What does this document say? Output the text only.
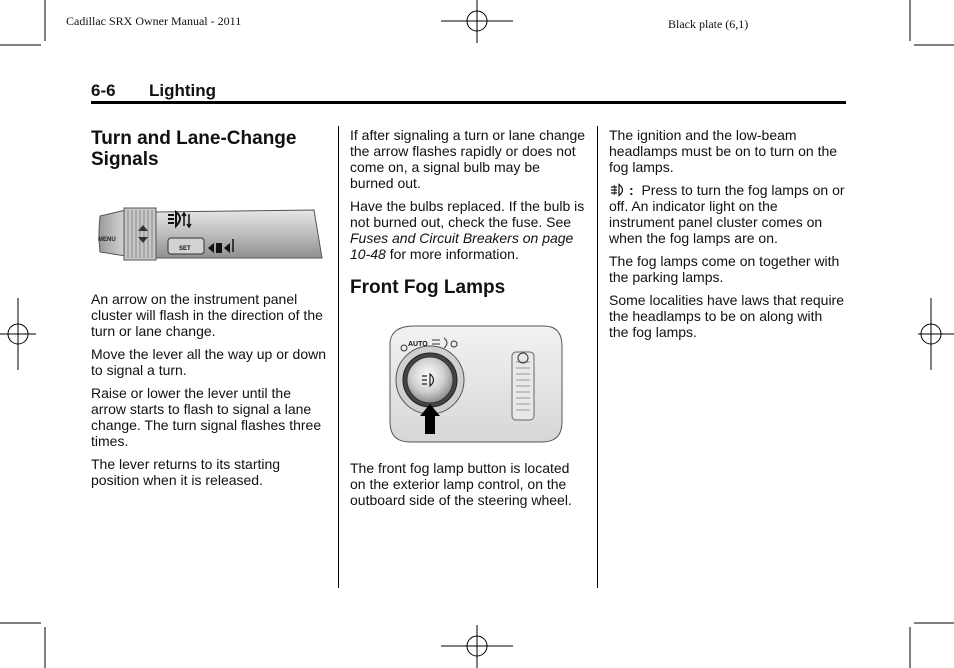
Cadillac SRX Owner Manual - 2011	Black plate (6,1)
6-6 Lighting
Turn and Lane-Change Signals
MENU
SET

An arrow on the instrument panel cluster will flash in the direction of the turn or lane change.

Move the lever all the way up or down to signal a turn.

Raise or lower the lever until the arrow starts to flash to signal a lane change. The turn signal flashes three times.

The lever returns to its starting position when it is released.

If after signaling a turn or lane change the arrow flashes rapidly or does not come on, a signal bulb may be burned out.

Have the bulbs replaced. If the bulb is not burned out, check the fuse. See Fuses and Circuit Breakers on page 10-48 for more information.

Front Fog Lamps
AUTO

The front fog lamp button is located on the exterior lamp control, on the outboard side of the steering wheel.

The ignition and the low-beam headlamps must be on to turn on the fog lamps.

: Press to turn the fog lamps on or off. An indicator light on the instrument panel cluster comes on when the fog lamps are on.

The fog lamps come on together with the parking lamps.

Some localities have laws that require the headlamps to be on along with the fog lamps.
